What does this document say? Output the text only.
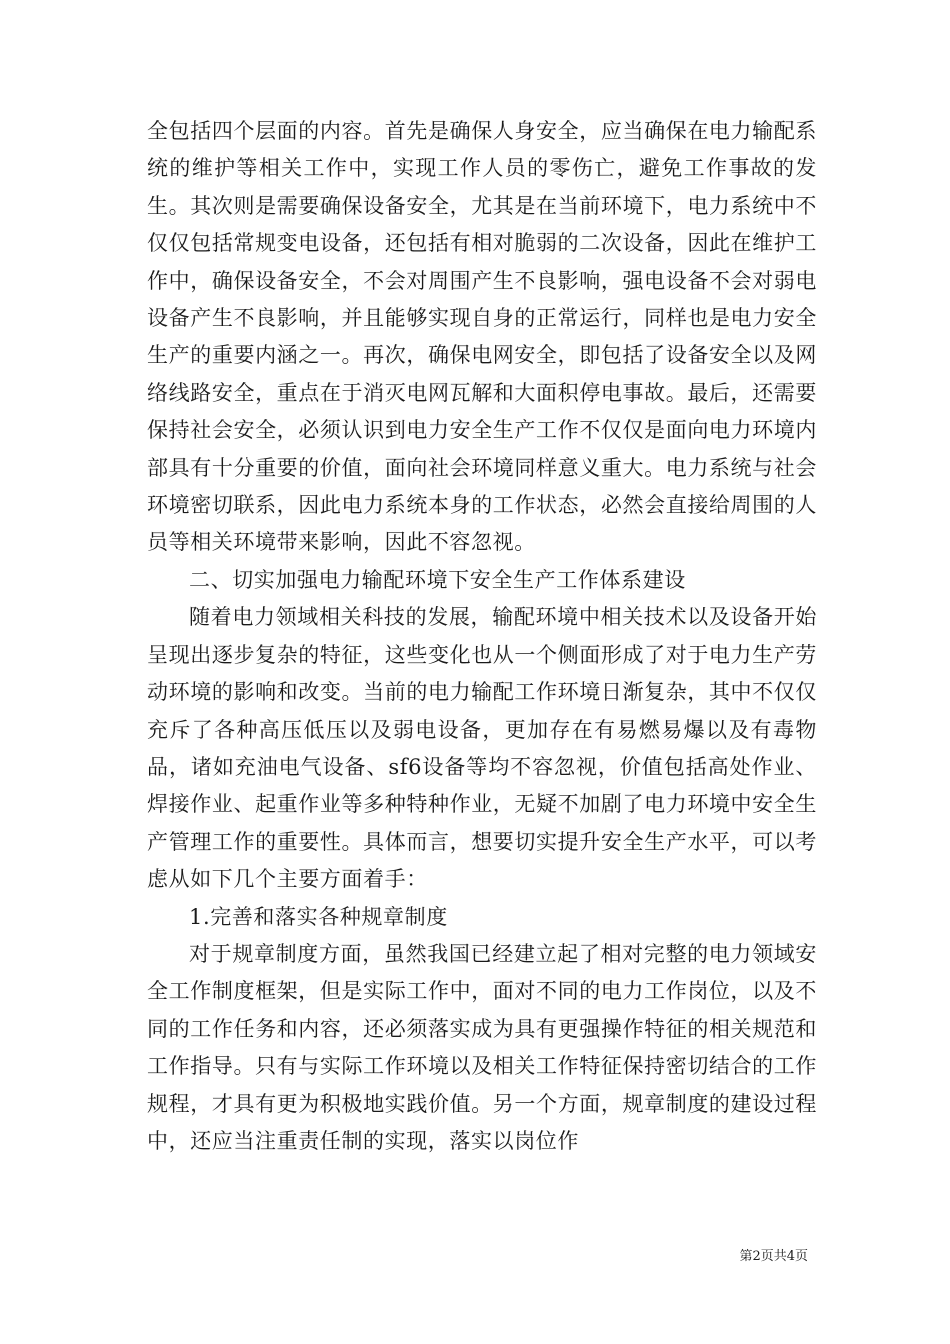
全包括四个层面的内容。首先是确保人身安全，应当确保在电力输配系统的维护等相关工作中，实现工作人员的零伤亡，避免工作事故的发生。其次则是需要确保设备安全，尤其是在当前环境下，电力系统中不仅仅包括常规变电设备，还包括有相对脆弱的二次设备，因此在维护工作中，确保设备安全，不会对周围产生不良影响，强电设备不会对弱电设备产生不良影响，并且能够实现自身的正常运行，同样也是电力安全生产的重要内涵之一。再次，确保电网安全，即包括了设备安全以及网络线路安全，重点在于消灭电网瓦解和大面积停电事故。最后，还需要保持社会安全，必须认识到电力安全生产工作不仅仅是面向电力环境内部具有十分重要的价值，面向社会环境同样意义重大。电力系统与社会环境密切联系，因此电力系统本身的工作状态，必然会直接给周围的人员等相关环境带来影响，因此不容忽视。

二、切实加强电力输配环境下安全生产工作体系建设

随着电力领域相关科技的发展，输配环境中相关技术以及设备开始呈现出逐步复杂的特征，这些变化也从一个侧面形成了对于电力生产劳动环境的影响和改变。当前的电力输配工作环境日渐复杂，其中不仅仅充斥了各种高压低压以及弱电设备，更加存在有易燃易爆以及有毒物品，诸如充油电气设备、sf6设备等均不容忽视，价值包括高处作业、焊接作业、起重作业等多种特种作业，无疑不加剧了电力环境中安全生产管理工作的重要性。具体而言，想要切实提升安全生产水平，可以考虑从如下几个主要方面着手：

1.完善和落实各种规章制度

对于规章制度方面，虽然我国已经建立起了相对完整的电力领域安全工作制度框架，但是实际工作中，面对不同的电力工作岗位，以及不同的工作任务和内容，还必须落实成为具有更强操作特征的相关规范和工作指导。只有与实际工作环境以及相关工作特征保持密切结合的工作规程，才具有更为积极地实践价值。另一个方面，规章制度的建设过程中，还应当注重责任制的实现，落实以岗位作

第2页共4页
